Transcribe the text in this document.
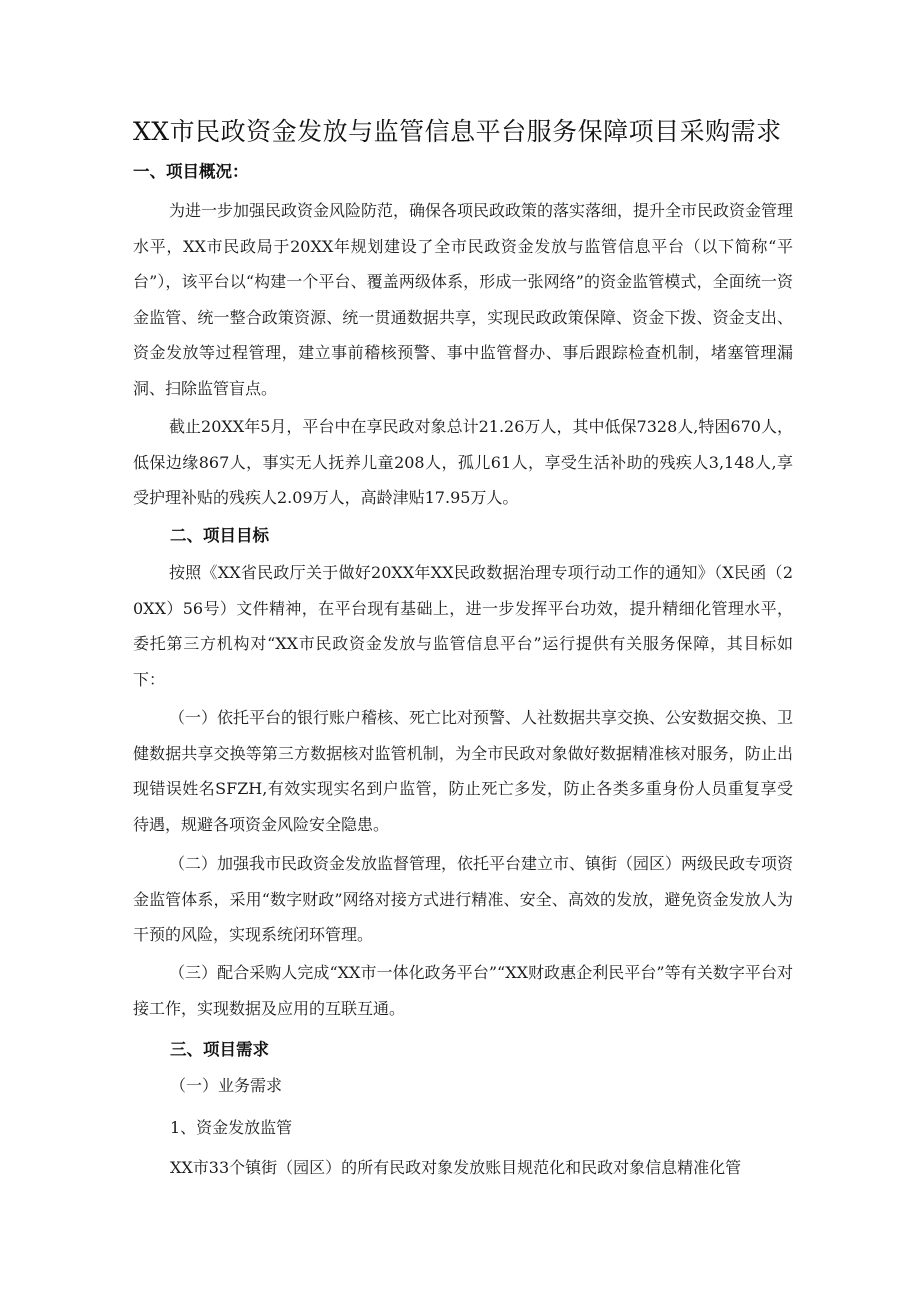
XX市民政资金发放与监管信息平台服务保障项目采购需求
一、项目概况：
为进一步加强民政资金风险防范，确保各项民政政策的落实落细，提升全市民政资金管理水平，XX市民政局于20XX年规划建设了全市民政资金发放与监管信息平台（以下简称“平台”），该平台以“构建一个平台、覆盖两级体系，形成一张网络”的资金监管模式，全面统一资金监管、统一整合政策资源、统一贯通数据共享，实现民政政策保障、资金下拨、资金支出、资金发放等过程管理，建立事前稽核预警、事中监管督办、事后跟踪检查机制，堵塞管理漏洞、扫除监管盲点。
截止20XX年5月，平台中在享民政对象总计21.26万人，其中低保7328人,特困670人，低保边缘867人，事实无人抚养儿童208人，孤儿61人，享受生活补助的残疾人3,148人,享受护理补贴的残疾人2.09万人，高龄津贴17.95万人。
二、项目目标
按照《XX省民政厅关于做好20XX年XX民政数据治理专项行动工作的通知》（X民函（20XX）56号）文件精神，在平台现有基础上，进一步发挥平台功效，提升精细化管理水平，委托第三方机构对“XX市民政资金发放与监管信息平台”运行提供有关服务保障，其目标如下：
（一）依托平台的银行账户稽核、死亡比对预警、人社数据共享交换、公安数据交换、卫健数据共享交换等第三方数据核对监管机制，为全市民政对象做好数据精准核对服务，防止出现错误姓名SFZH,有效实现实名到户监管，防止死亡多发，防止各类多重身份人员重复享受待遇，规避各项资金风险安全隐患。
（二）加强我市民政资金发放监督管理，依托平台建立市、镇街（园区）两级民政专项资金监管体系，采用“数字财政”网络对接方式进行精准、安全、高效的发放，避免资金发放人为干预的风险，实现系统闭环管理。
（三）配合采购人完成“XX市一体化政务平台”“XX财政惠企利民平台”等有关数字平台对接工作，实现数据及应用的互联互通。
三、项目需求
（一）业务需求
1、资金发放监管
XX市33个镇街（园区）的所有民政对象发放账目规范化和民政对象信息精准化管
